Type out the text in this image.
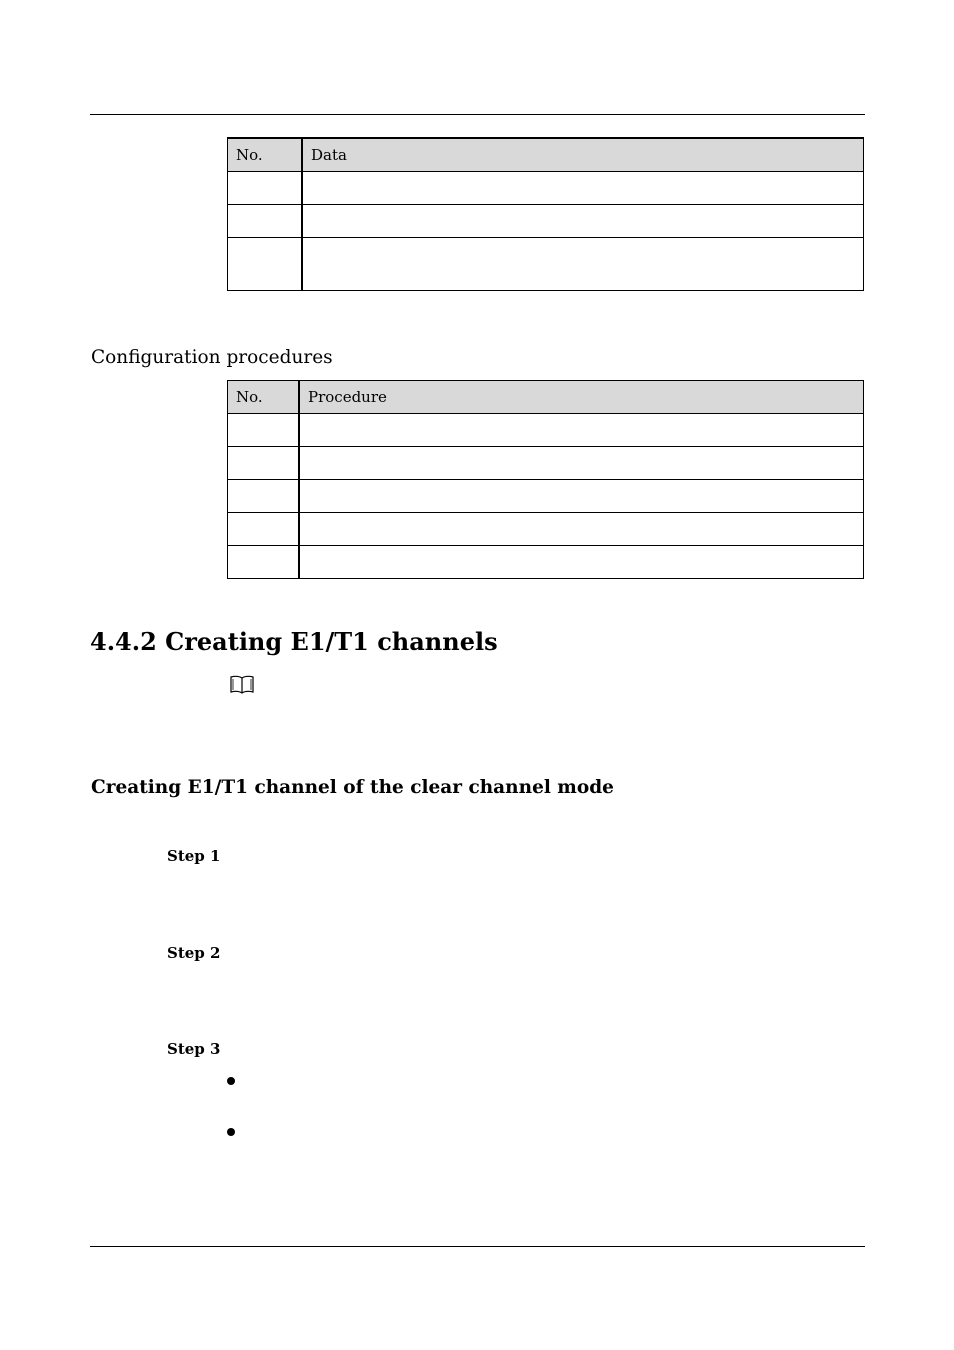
No.	Data

Configuration procedures
No.	Procedure

4.4.2 Creating E1/T1 channels
Creating E1/T1 channel of the clear channel mode
Step 1
Step 2
Step 3
